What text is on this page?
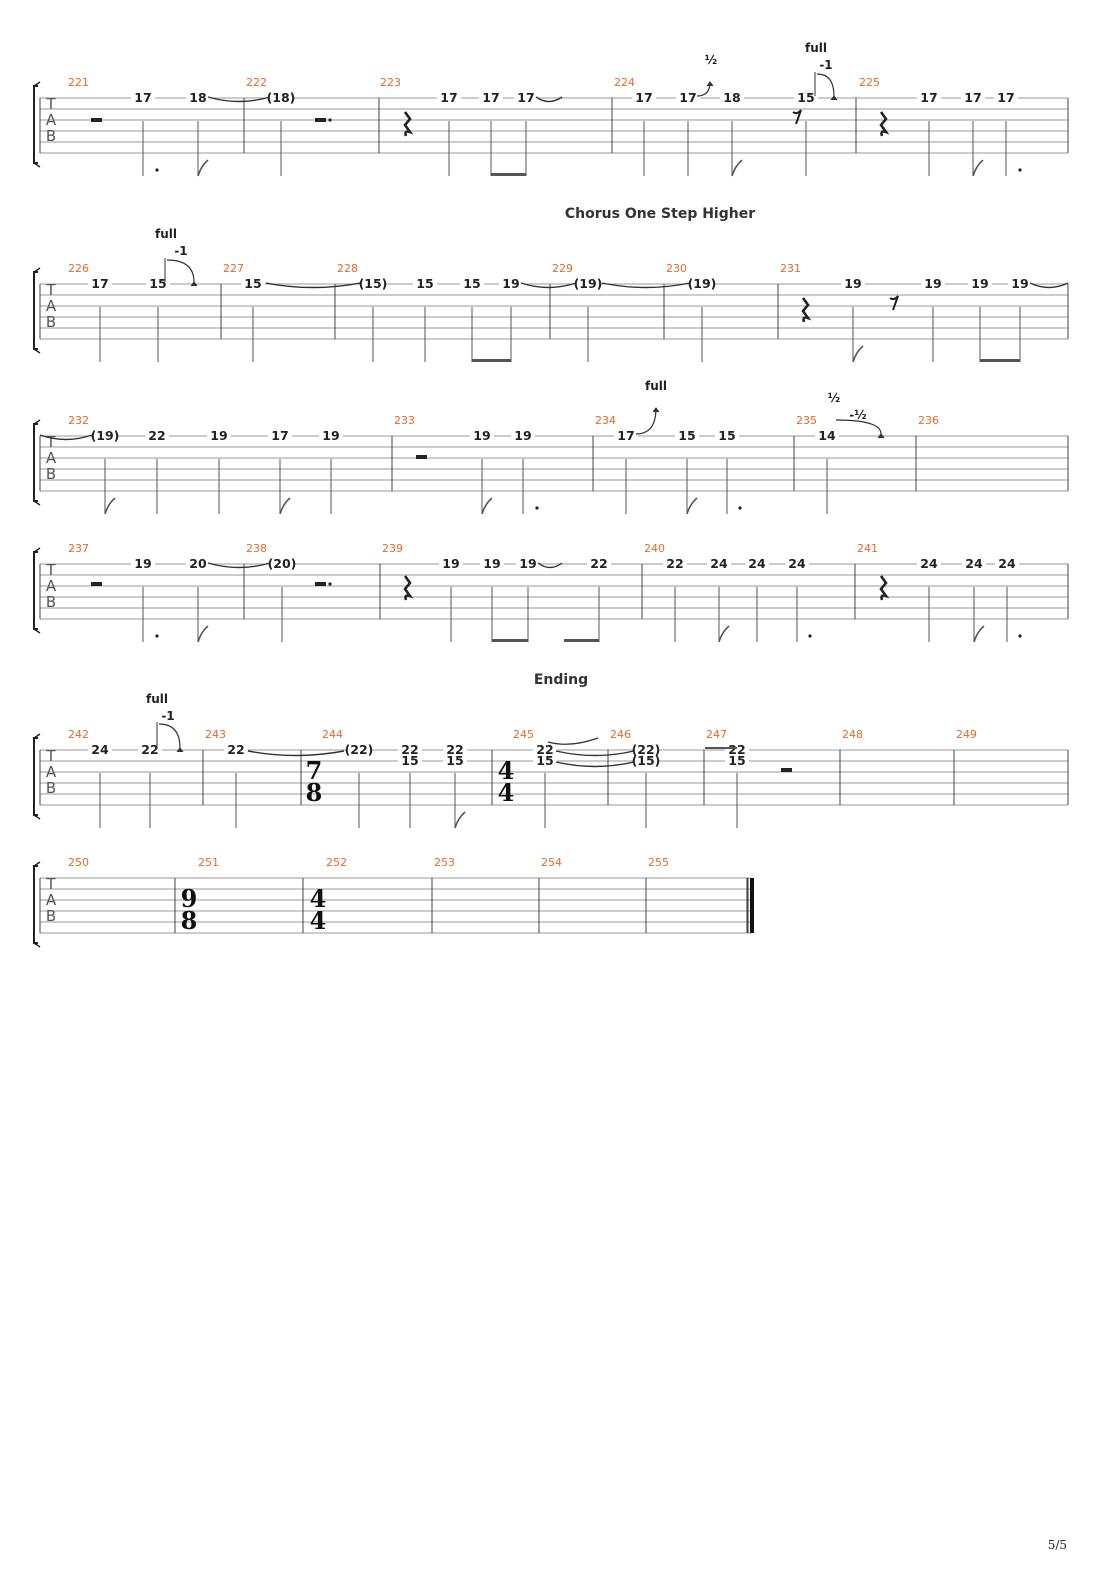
T
A
B
221	222	223	224	225
17	18	(18)	17 17 17	17 17 18	15	17 17 17
½
full
-1
T
A
B
Chorus One Step Higher
226	227	228	229	230	231
17	15	15	(15) 15 15 19	(19)	(19)	19	19 19 19
full
-1
T
A
B
232	233	234	235	236
(19) 22	19	17	19	19 19	17	15 15	14
full
½
-½
T
A
B
237	238	239	240	241
19	20	(20)	19 19 19	22	22 24 24 24	24 24 24
T
A
B
Ending
242	243	244	245	246	247	248	249
24	22	22	(22) 22
15
22
15
22
15
(22)
(15)
22
15
full
-1
7
8
4
4
T
A
B
250	251	252	253	254	255
9
8
4
4
5/5
